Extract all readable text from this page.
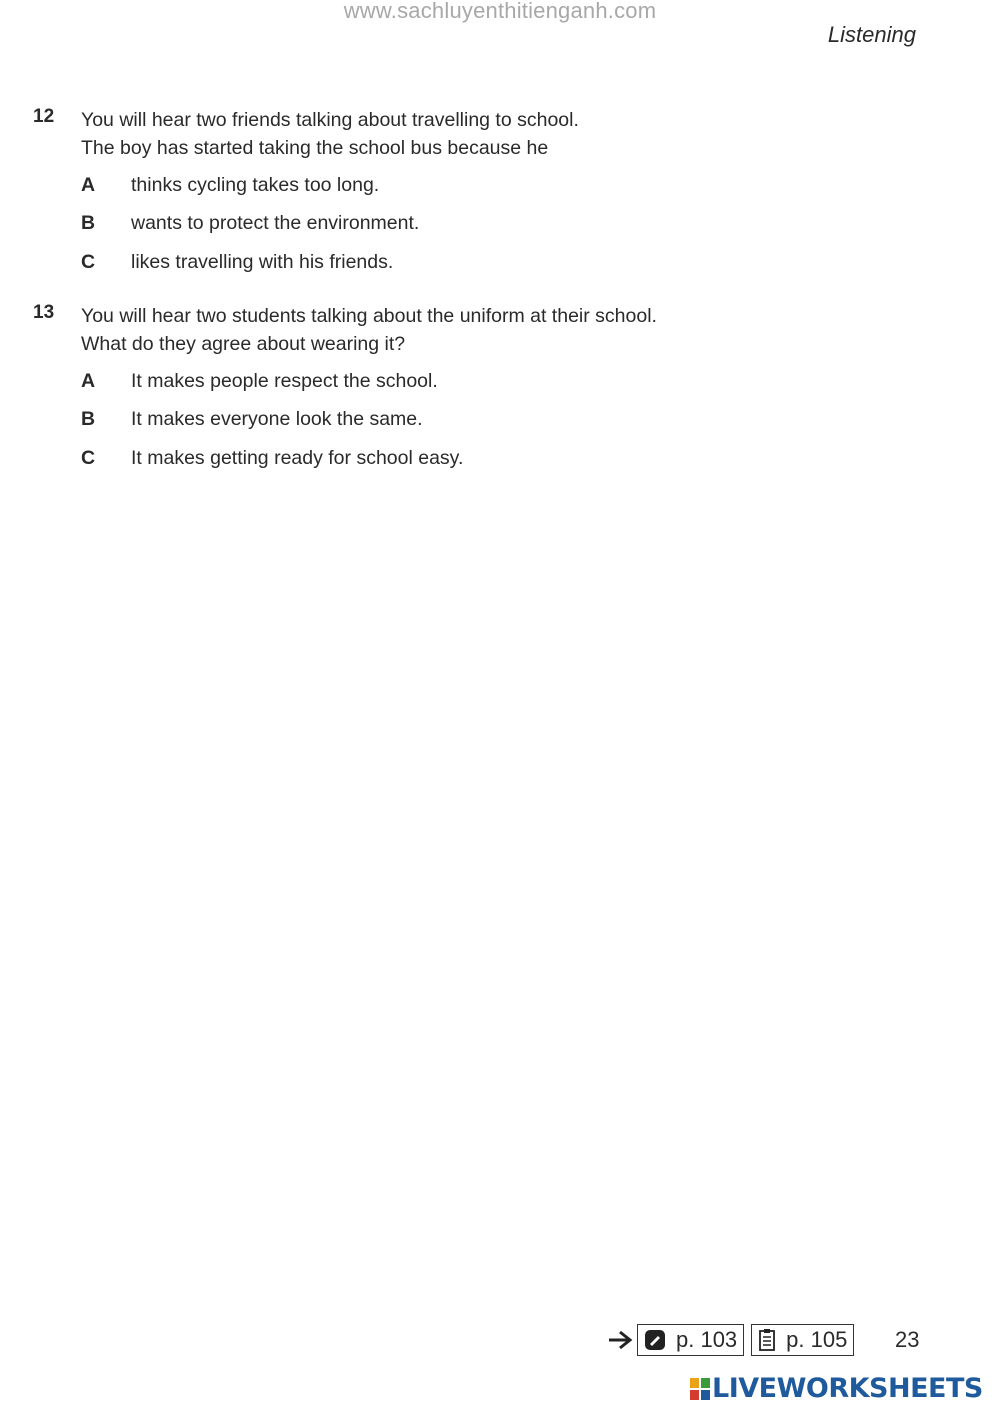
www.sachluyenthitienganh.com
Listening
12 You will hear two friends talking about travelling to school.
The boy has started taking the school bus because he
A thinks cycling takes too long.
B wants to protect the environment.
C likes travelling with his friends.
13 You will hear two students talking about the uniform at their school.
What do they agree about wearing it?
A It makes people respect the school.
B It makes everyone look the same.
C It makes getting ready for school easy.
p. 103 p. 105 23
LIVEWORKSHEETS
